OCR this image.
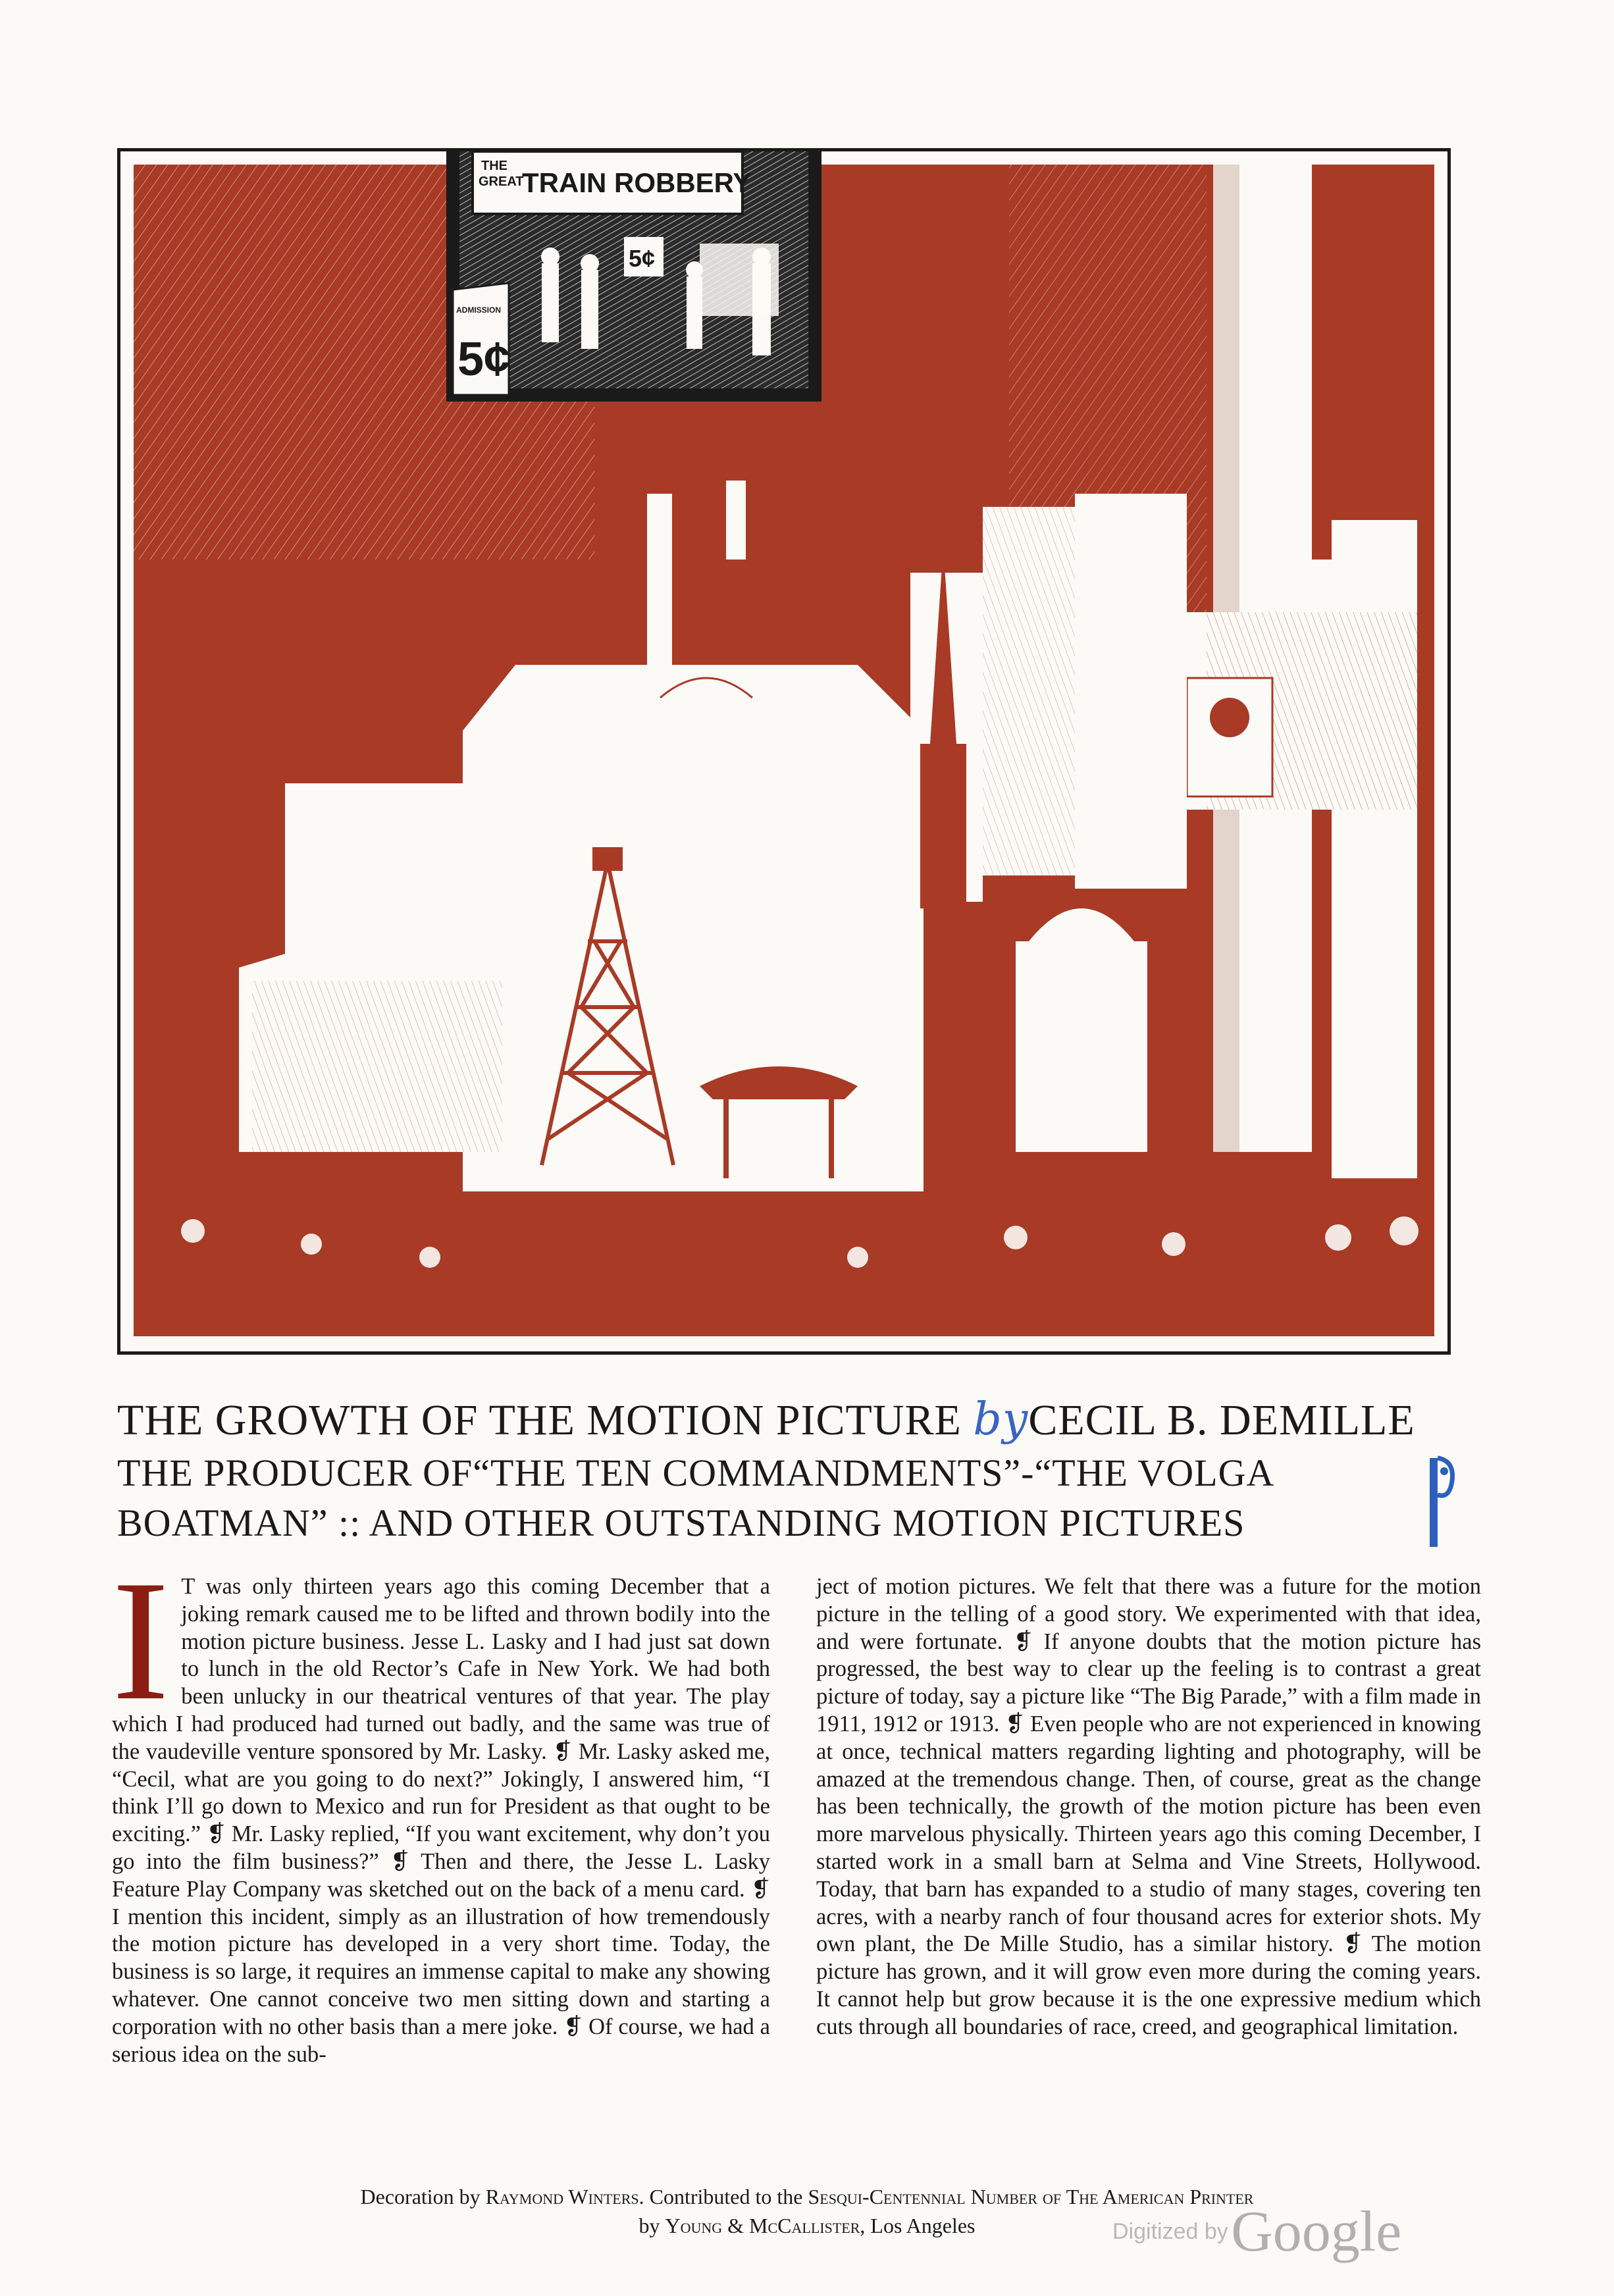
THE
GREAT
TRAIN ROBBERY
5¢
ADMISSION
5¢
THE GROWTH OF THE MOTION PICTURE byCECIL B. DEMILLE
THE PRODUCER OF“THE TEN COMMANDMENTS”-“THE VOLGA
BOATMAN” :: AND OTHER OUTSTANDING MOTION PICTURES
I T was only thirteen years ago this coming December that a joking remark caused me to be lifted and thrown bodily into the motion picture business. Jesse L. Lasky and I had just sat down to lunch in the old Rector’s Cafe in New York. We had both been unlucky in our theatrical ventures of that year. The play which I had produced had turned out badly, and the same was true of the vaudeville venture sponsored by Mr. Lasky. ❡ Mr. Lasky asked me, “Cecil, what are you going to do next?” Jokingly, I answered him, “I think I’ll go down to Mexico and run for President as that ought to be exciting.” ❡ Mr. Lasky replied, “If you want excitement, why don’t you go into the film business?” ❡ Then and there, the Jesse L. Lasky Feature Play Company was sketched out on the back of a menu card. ❡ I mention this incident, simply as an illustration of how tremendously the motion picture has developed in a very short time. Today, the business is so large, it requires an immense capital to make any showing whatever. One cannot conceive two men sitting down and starting a corporation with no other basis than a mere joke. ❡ Of course, we had a serious idea on the sub-
ject of motion pictures. We felt that there was a future for the motion picture in the telling of a good story. We experimented with that idea, and were fortunate. ❡ If anyone doubts that the motion picture has progressed, the best way to clear up the feeling is to contrast a great picture of today, say a picture like “The Big Parade,” with a film made in 1911, 1912 or 1913. ❡ Even people who are not experienced in knowing at once, technical matters regarding lighting and photography, will be amazed at the tremendous change. Then, of course, great as the change has been technically, the growth of the motion picture has been even more marvelous physically. Thirteen years ago this coming December, I started work in a small barn at Selma and Vine Streets, Hollywood. Today, that barn has expanded to a studio of many stages, covering ten acres, with a nearby ranch of four thousand acres for exterior shots. My own plant, the De Mille Studio, has a similar history. ❡ The motion picture has grown, and it will grow even more during the coming years. It cannot help but grow because it is the one expressive medium which cuts through all boundaries of race, creed, and geographical limitation.
Decoration by Raymond Winters. Contributed to the Sesqui-Centennial Number of The American Printer
by Young & McCallister, Los Angeles	Digitized by Google
